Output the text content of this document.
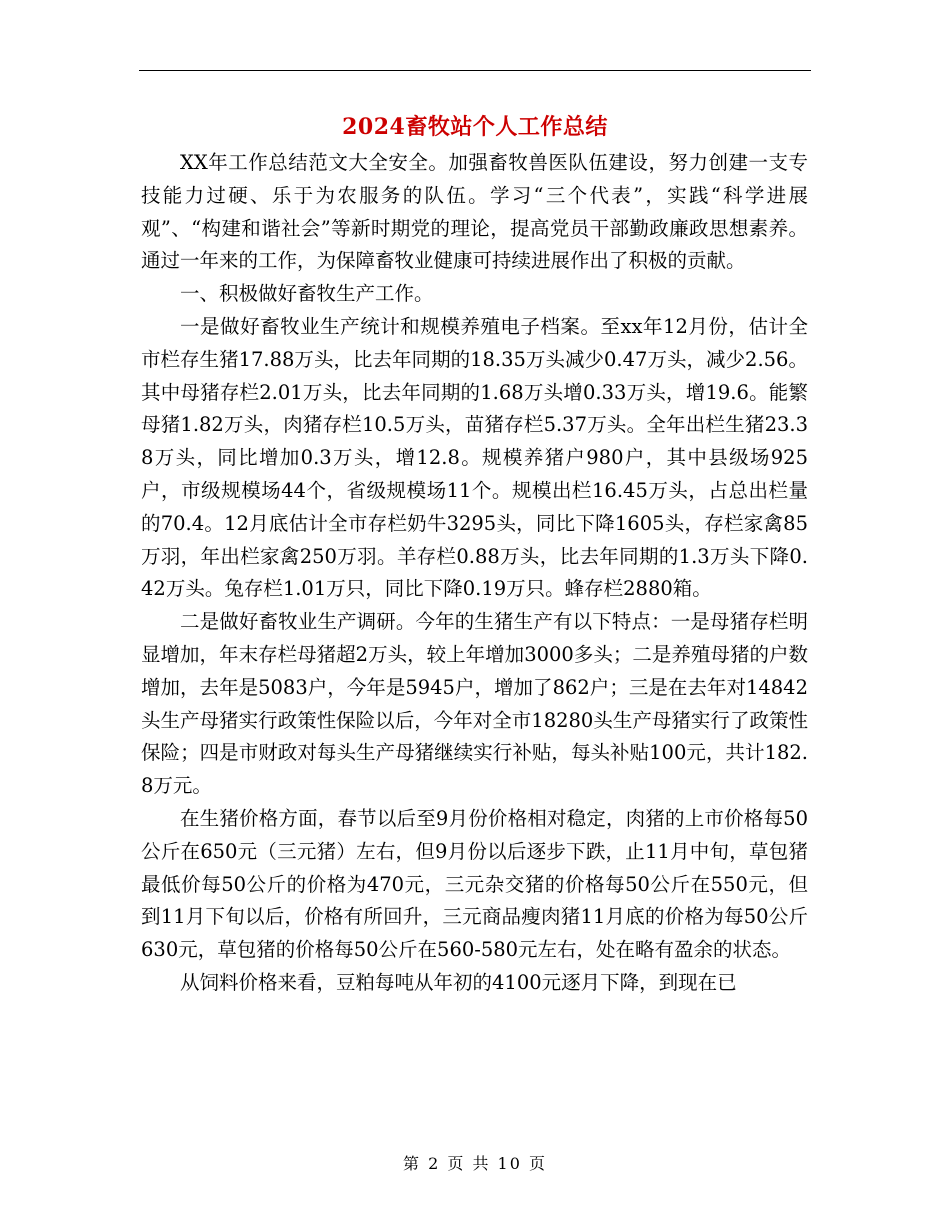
2024畜牧站个人工作总结

XX年工作总结范文大全安全。加强畜牧兽医队伍建设，努力创建一支专技能力过硬、乐于为农服务的队伍。学习“三个代表”，实践“科学进展观”、“构建和谐社会”等新时期党的理论，提高党员干部勤政廉政思想素养。通过一年来的工作，为保障畜牧业健康可持续进展作出了积极的贡献。

一、积极做好畜牧生产工作。

一是做好畜牧业生产统计和规模养殖电子档案。至xx年12月份，估计全市栏存生猪17.88万头，比去年同期的18.35万头减少0.47万头，减少2.56。其中母猪存栏2.01万头，比去年同期的1.68万头增0.33万头，增19.6。能繁母猪1.82万头，肉猪存栏10.5万头，苗猪存栏5.37万头。全年出栏生猪23.38万头，同比增加0.3万头，增12.8。规模养猪户980户，其中县级场925户，市级规模场44个，省级规模场11个。规模出栏16.45万头，占总出栏量的70.4。12月底估计全市存栏奶牛3295头，同比下降1605头，存栏家禽85万羽，年出栏家禽250万羽。羊存栏0.88万头，比去年同期的1.3万头下降0.42万头。兔存栏1.01万只，同比下降0.19万只。蜂存栏2880箱。

二是做好畜牧业生产调研。今年的生猪生产有以下特点：一是母猪存栏明显增加，年末存栏母猪超2万头，较上年增加3000多头；二是养殖母猪的户数增加，去年是5083户，今年是5945户，增加了862户；三是在去年对14842头生产母猪实行政策性保险以后，今年对全市18280头生产母猪实行了政策性保险；四是市财政对每头生产母猪继续实行补贴，每头补贴100元，共计182.8万元。

在生猪价格方面，春节以后至9月份价格相对稳定，肉猪的上市价格每50公斤在650元（三元猪）左右，但9月份以后逐步下跌，止11月中旬，草包猪最低价每50公斤的价格为470元，三元杂交猪的价格每50公斤在550元，但到11月下旬以后，价格有所回升，三元商品瘦肉猪11月底的价格为每50公斤630元，草包猪的价格每50公斤在560-580元左右，处在略有盈余的状态。

从饲料价格来看，豆粕每吨从年初的4100元逐月下降，到现在已

第 2 页 共 10 页
